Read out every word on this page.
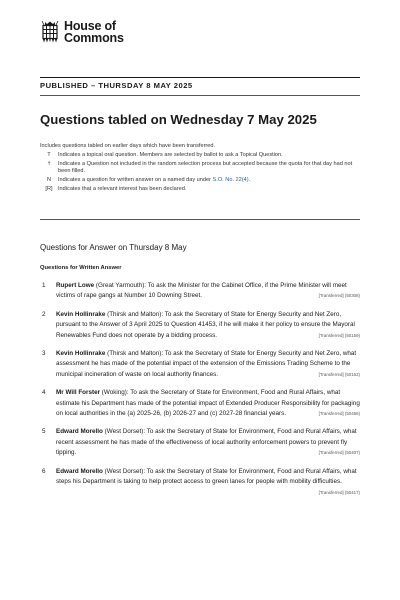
House of
Commons
PUBLISHED – THURSDAY 8 MAY 2025
Questions tabled on Wednesday 7 May 2025
Includes questions tabled on earlier days which have been transferred.
T	Indicates a topical oral question. Members are selected by ballot to ask a Topical Question.
†	Indicates a Question not included in the random selection process but accepted because the quota for that day had not been filled.
N	Indicates a question for written answer on a named day under S.O. No. 22(4).
[R] Indicates that a relevant interest has been declared.
Questions for Answer on Thursday 8 May
Questions for Written Answer
1	Rupert Lowe (Great Yarmouth): To ask the Minister for the Cabinet Office, if the Prime Minister will meet victims of rape gangs at Number 10 Downing Street.	[Transferred] (50308)
2	Kevin Hollinrake (Thirsk and Malton): To ask the Secretary of State for Energy Security and Net Zero, pursuant to the Answer of 3 April 2025 to Question 41453, if he will make it her policy to ensure the Mayoral Renewables Fund does not operate by a bidding process.	[Transferred] (50159)
3	Kevin Hollinrake (Thirsk and Malton): To ask the Secretary of State for Energy Security and Net Zero, what assessment he has made of the potential impact of the extension of the Emissions Trading Scheme to the municipal incineration of waste on local authority finances.	[Transferred] (50162)
4	Mr Will Forster (Woking): To ask the Secretary of State for Environment, Food and Rural Affairs, what estimate his Department has made of the potential impact of Extended Producer Responsibility for packaging on local authorities in the (a) 2025-26, (b) 2026-27 and (c) 2027-28 financial years.	[Transferred] (50456)
5	Edward Morello (West Dorset): To ask the Secretary of State for Environment, Food and Rural Affairs, what recent assessment he has made of the effectiveness of local authority enforcement powers to prevent fly tipping.	[Transferred] (50407)
6	Edward Morello (West Dorset): To ask the Secretary of State for Environment, Food and Rural Affairs, what steps his Department is taking to help protect access to green lanes for people with mobility difficulties.
[Transferred] (50417)
